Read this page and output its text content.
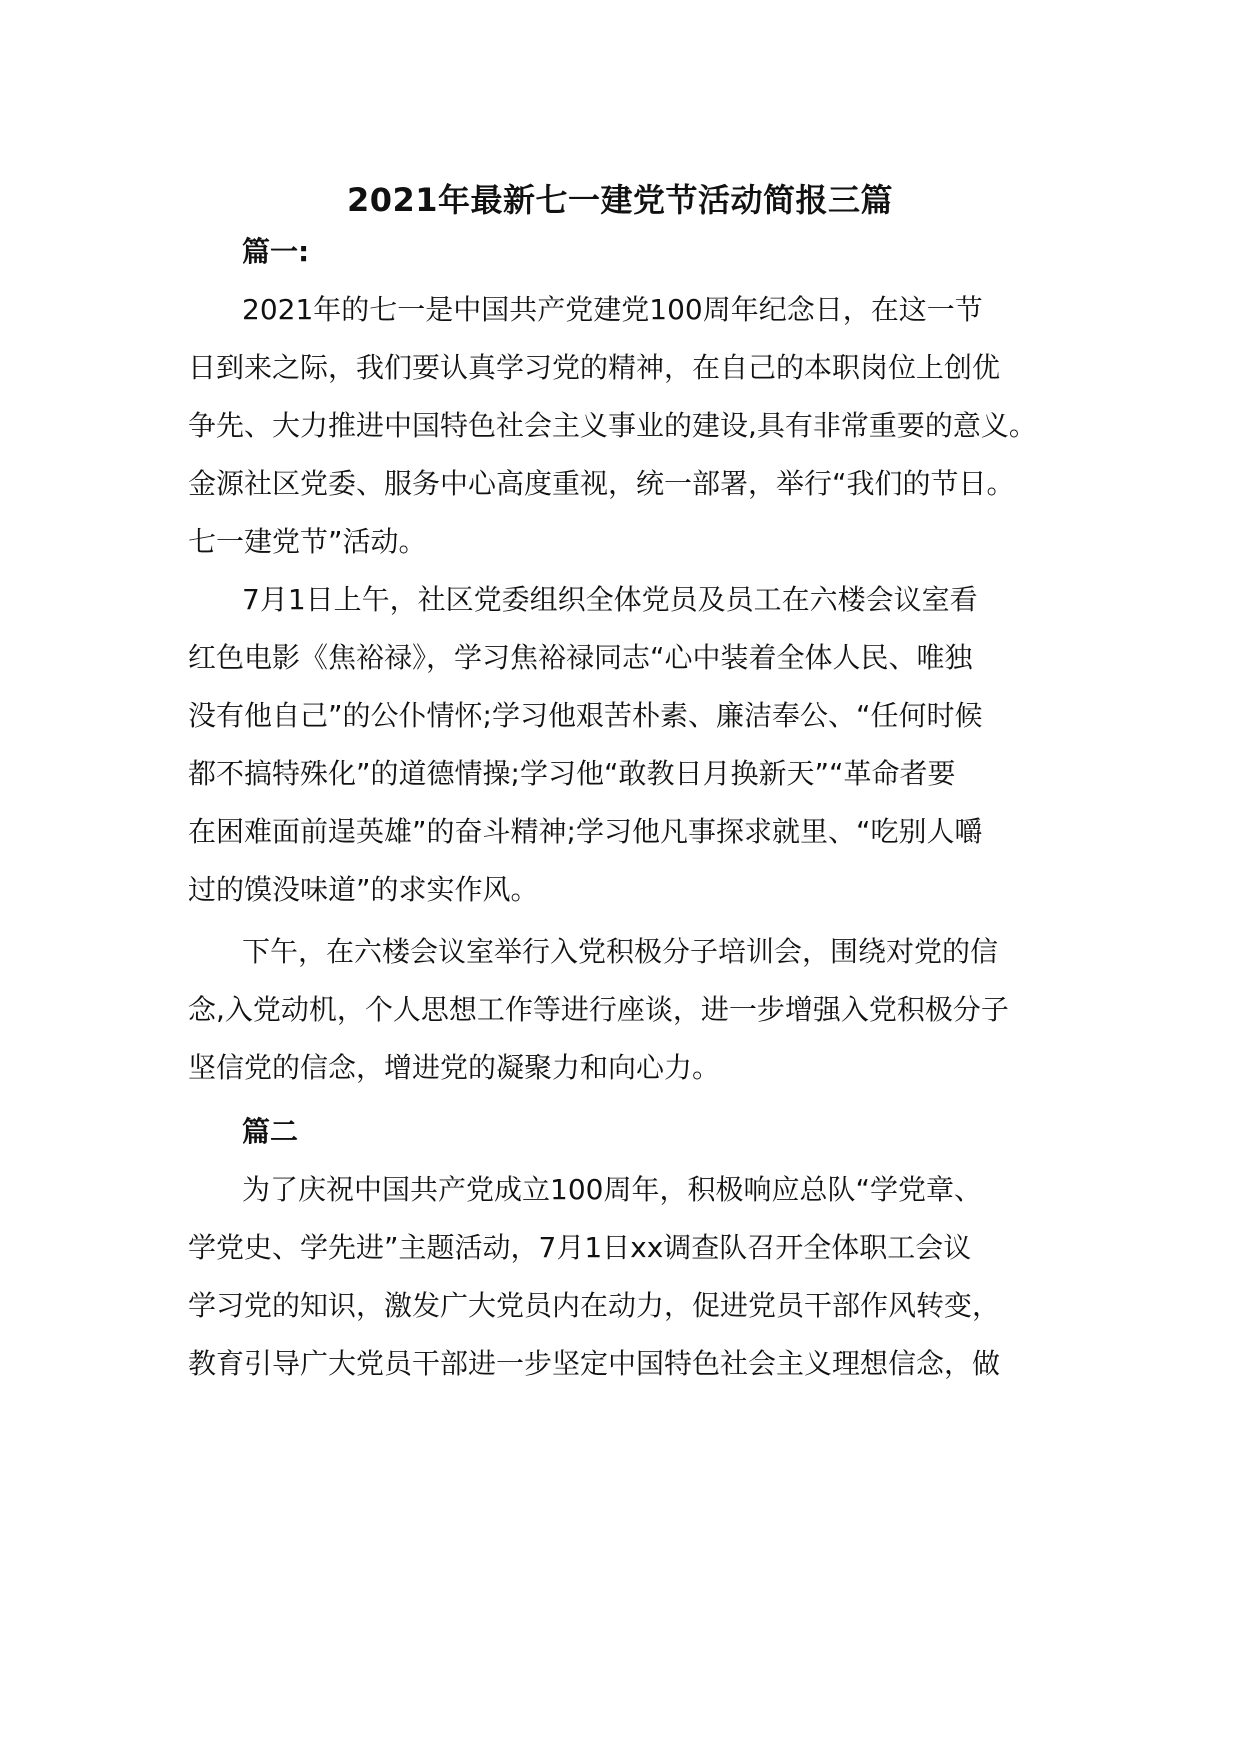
2021年最新七一建党节活动简报三篇
篇一:
2021年的七一是中国共产党建党100周年纪念日，在这一节
日到来之际，我们要认真学习党的精神，在自己的本职岗位上创优
争先、大力推进中国特色社会主义事业的建设,具有非常重要的意义。
金源社区党委、服务中心高度重视，统一部署，举行“我们的节日。
七一建党节”活动。
7月1日上午，社区党委组织全体党员及员工在六楼会议室看
红色电影《焦裕禄》，学习焦裕禄同志“心中装着全体人民、唯独
没有他自己”的公仆情怀;学习他艰苦朴素、廉洁奉公、“任何时候
都不搞特殊化”的道德情操;学习他“敢教日月换新天”“革命者要
在困难面前逞英雄”的奋斗精神;学习他凡事探求就里、“吃别人嚼
过的馍没味道”的求实作风。
下午，在六楼会议室举行入党积极分子培训会，围绕对党的信
念,入党动机，个人思想工作等进行座谈，进一步增强入党积极分子
坚信党的信念，增进党的凝聚力和向心力。
篇二
为了庆祝中国共产党成立100周年，积极响应总队“学党章、
学党史、学先进”主题活动，7月1日xx调查队召开全体职工会议
学习党的知识，激发广大党员内在动力，促进党员干部作风转变，
教育引导广大党员干部进一步坚定中国特色社会主义理想信念，做
